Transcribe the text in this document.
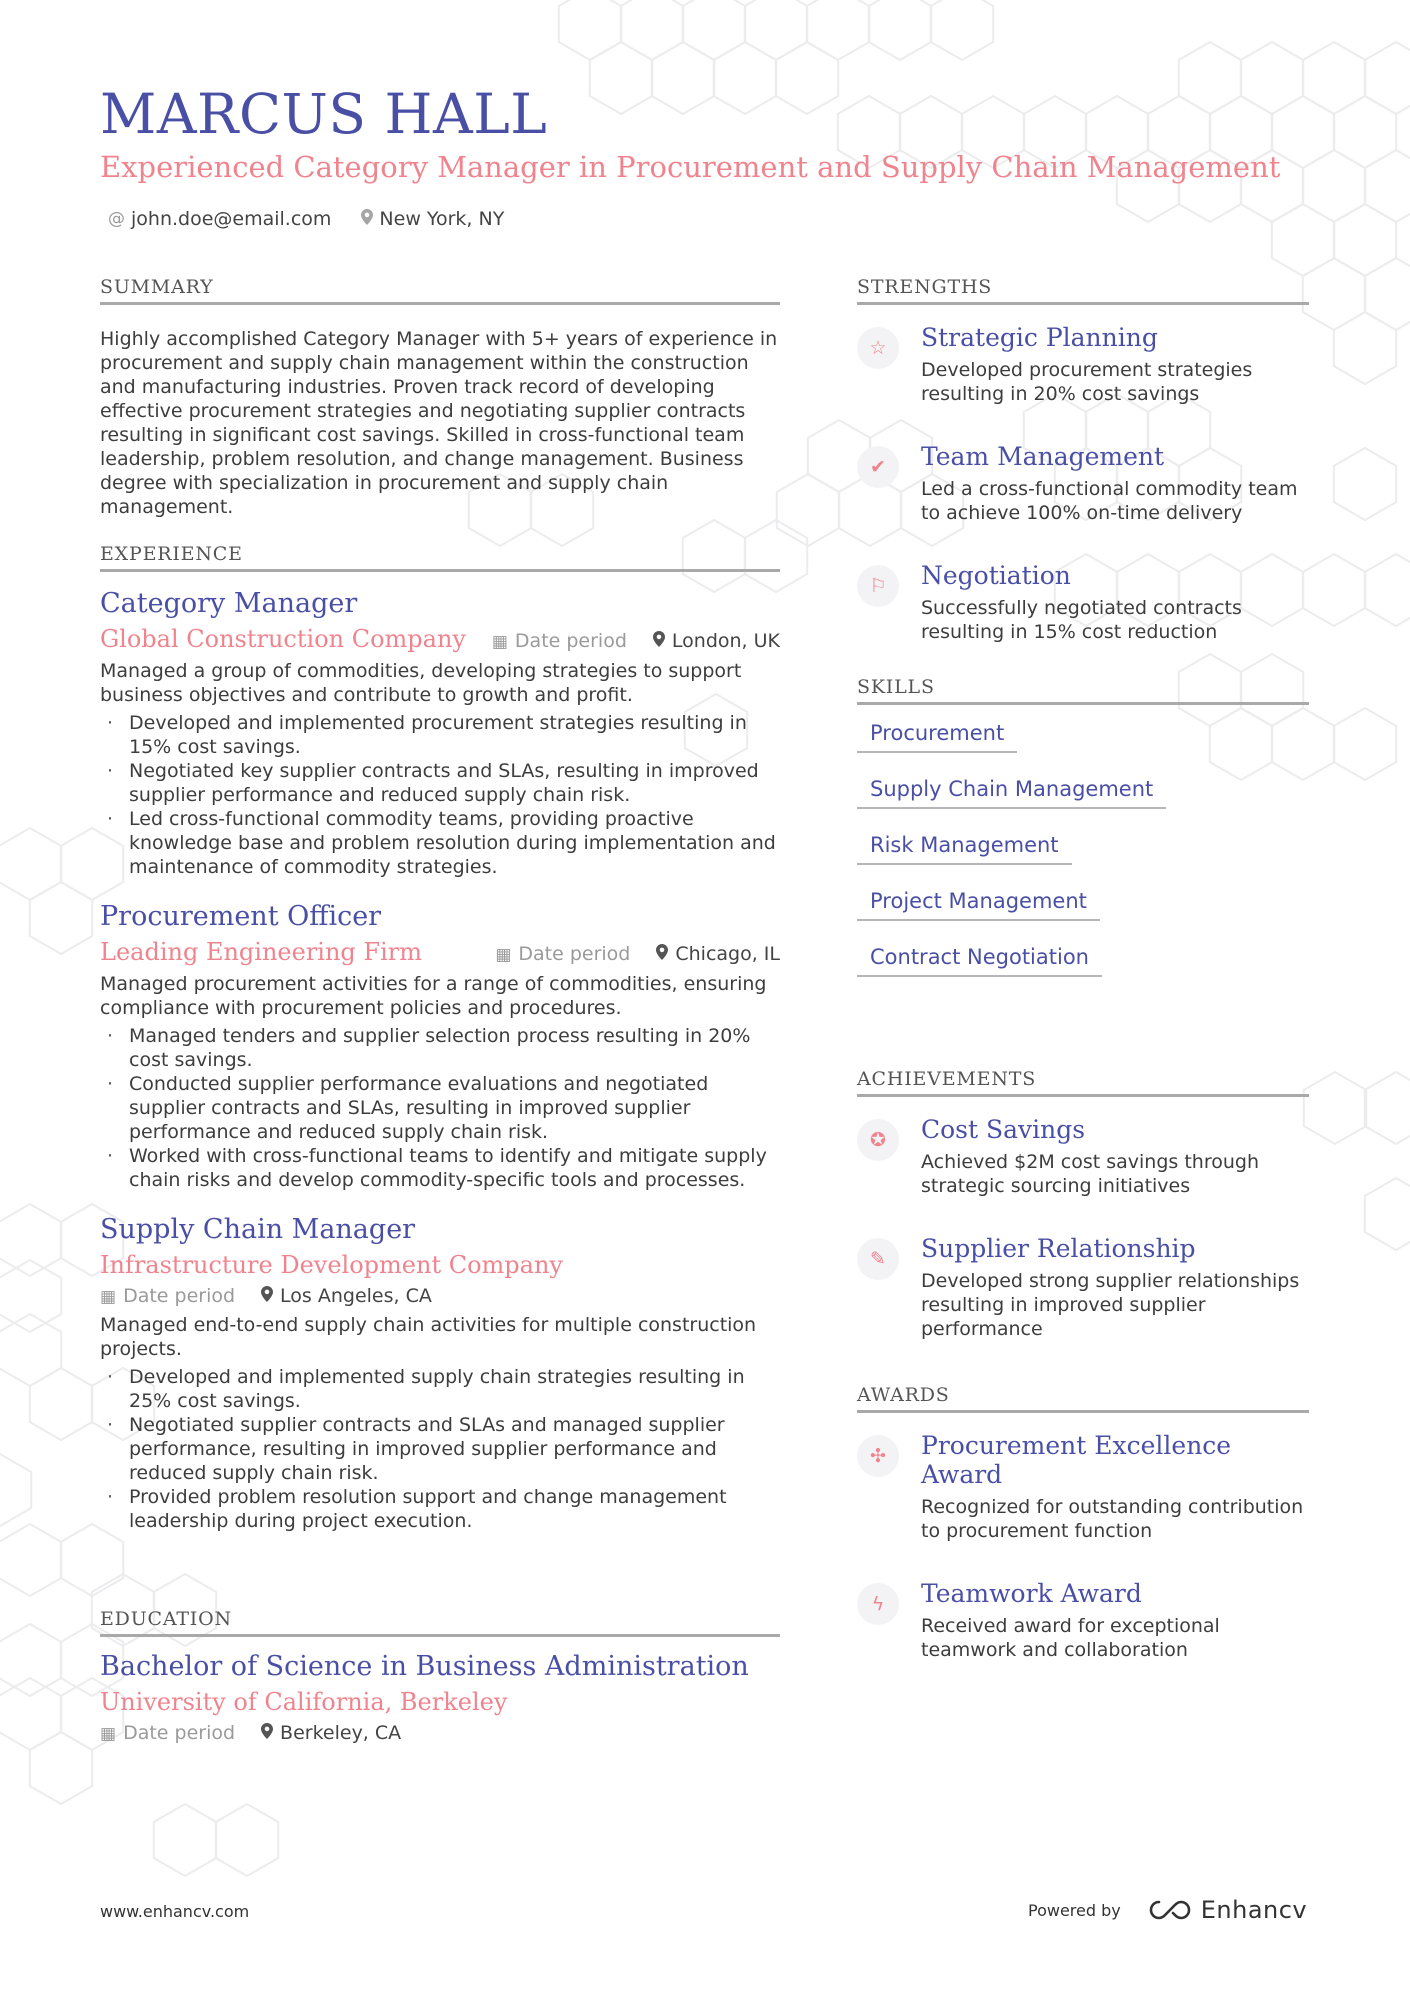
MARCUS HALL
Experienced Category Manager in Procurement and Supply Chain Management
@ john.doe@email.com	New York, NY
SUMMARY
Highly accomplished Category Manager with 5+ years of experience in procurement and supply chain management within the construction and manufacturing industries. Proven track record of developing effective procurement strategies and negotiating supplier contracts resulting in significant cost savings. Skilled in cross-functional team leadership, problem resolution, and change management. Business degree with specialization in procurement and supply chain management.
EXPERIENCE
Category Manager
Global Construction Company ▦ Date period	London, UK
Managed a group of commodities, developing strategies to support business objectives and contribute to growth and profit.
· Developed and implemented procurement strategies resulting in 15% cost savings.
· Negotiated key supplier contracts and SLAs, resulting in improved supplier performance and reduced supply chain risk.
· Led cross-functional commodity teams, providing proactive knowledge base and problem resolution during implementation and maintenance of commodity strategies.
Procurement Officer
Leading Engineering Firm	▦ Date period	Chicago, IL
Managed procurement activities for a range of commodities, ensuring compliance with procurement policies and procedures.
· Managed tenders and supplier selection process resulting in 20% cost savings.
· Conducted supplier performance evaluations and negotiated supplier contracts and SLAs, resulting in improved supplier performance and reduced supply chain risk.
· Worked with cross-functional teams to identify and mitigate supply chain risks and develop commodity-specific tools and processes.
Supply Chain Manager
Infrastructure Development Company
▦ Date period	Los Angeles, CA
Managed end-to-end supply chain activities for multiple construction projects.
· Developed and implemented supply chain strategies resulting in 25% cost savings.
· Negotiated supplier contracts and SLAs and managed supplier performance, resulting in improved supplier performance and reduced supply chain risk.
· Provided problem resolution support and change management leadership during project execution.
EDUCATION
Bachelor of Science in Business Administration
University of California, Berkeley
▦ Date period	Berkeley, CA
STRENGTHS
☆	Strategic Planning
Developed procurement strategies resulting in 20% cost savings
✔	Team Management
Led a cross-functional commodity team to achieve 100% on-time delivery
⚐	Negotiation
Successfully negotiated contracts resulting in 15% cost reduction
SKILLS
Procurement
Supply Chain Management
Risk Management
Project Management
Contract Negotiation
ACHIEVEMENTS
✪	Cost Savings
Achieved $2M cost savings through strategic sourcing initiatives
✎	Supplier Relationship
Developed strong supplier relationships resulting in improved supplier performance
AWARDS
✣	Procurement Excellence Award
Recognized for outstanding contribution to procurement function
ϟ	Teamwork Award
Received award for exceptional teamwork and collaboration
www.enhancv.com	Powered by	Enhancv
